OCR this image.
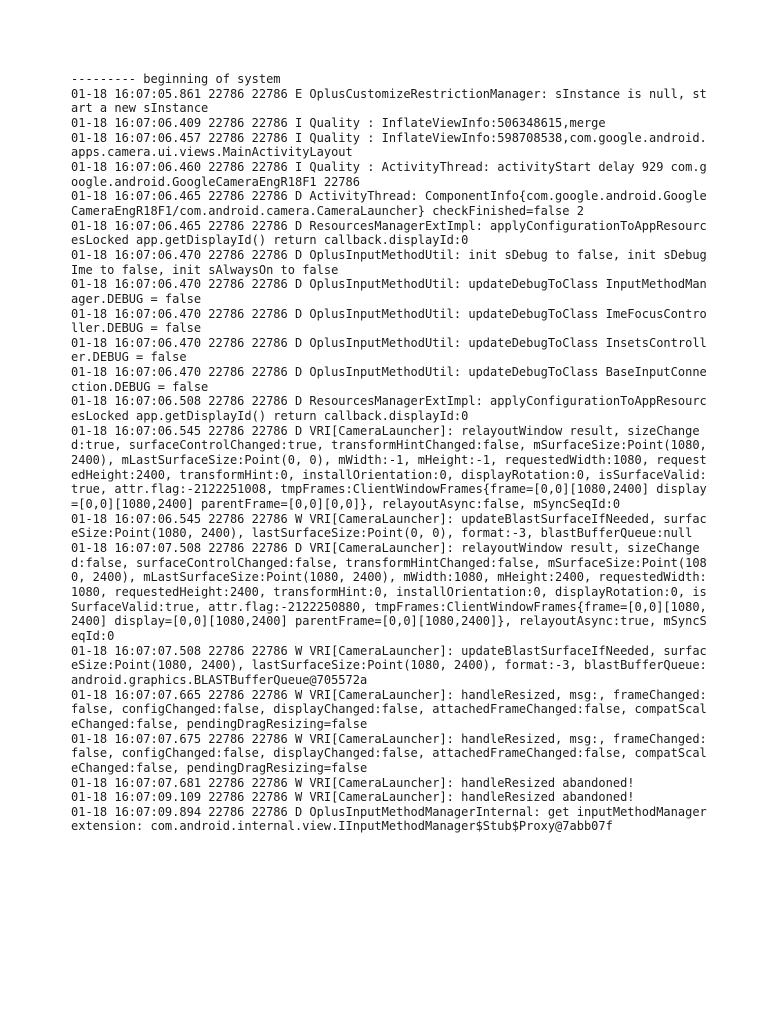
--------- beginning of system

01-18 16:07:05.861 22786 22786 E OplusCustomizeRestrictionManager: sInstance is null, start a new sInstance

01-18 16:07:06.409 22786 22786 I Quality : InflateViewInfo:506348615,merge

01-18 16:07:06.457 22786 22786 I Quality : InflateViewInfo:598708538,com.google.android.apps.camera.ui.views.MainActivityLayout

01-18 16:07:06.460 22786 22786 I Quality : ActivityThread: activityStart delay 929 com.google.android.GoogleCameraEngR18F1 22786

01-18 16:07:06.465 22786 22786 D ActivityThread: ComponentInfo{com.google.android.GoogleCameraEngR18F1/com.android.camera.CameraLauncher} checkFinished=false 2

01-18 16:07:06.465 22786 22786 D ResourcesManagerExtImpl: applyConfigurationToAppResourcesLocked app.getDisplayId() return callback.displayId:0

01-18 16:07:06.470 22786 22786 D OplusInputMethodUtil: init sDebug to false, init sDebugIme to false, init sAlwaysOn to false

01-18 16:07:06.470 22786 22786 D OplusInputMethodUtil: updateDebugToClass InputMethodManager.DEBUG = false

01-18 16:07:06.470 22786 22786 D OplusInputMethodUtil: updateDebugToClass ImeFocusController.DEBUG = false

01-18 16:07:06.470 22786 22786 D OplusInputMethodUtil: updateDebugToClass InsetsController.DEBUG = false

01-18 16:07:06.470 22786 22786 D OplusInputMethodUtil: updateDebugToClass BaseInputConnection.DEBUG = false

01-18 16:07:06.508 22786 22786 D ResourcesManagerExtImpl: applyConfigurationToAppResourcesLocked app.getDisplayId() return callback.displayId:0

01-18 16:07:06.545 22786 22786 D VRI[CameraLauncher]: relayoutWindow result, sizeChanged:true, surfaceControlChanged:true, transformHintChanged:false, mSurfaceSize:Point(1080, 2400), mLastSurfaceSize:Point(0, 0), mWidth:-1, mHeight:-1, requestedWidth:1080, requestedHeight:2400, transformHint:0, installOrientation:0, displayRotation:0, isSurfaceValid:true, attr.flag:-2122251008, tmpFrames:ClientWindowFrames{frame=[0,0][1080,2400] display=[0,0][1080,2400] parentFrame=[0,0][0,0]}, relayoutAsync:false, mSyncSeqId:0

01-18 16:07:06.545 22786 22786 W VRI[CameraLauncher]: updateBlastSurfaceIfNeeded, surfaceSize:Point(1080, 2400), lastSurfaceSize:Point(0, 0), format:-3, blastBufferQueue:null

01-18 16:07:07.508 22786 22786 D VRI[CameraLauncher]: relayoutWindow result, sizeChanged:false, surfaceControlChanged:false, transformHintChanged:false, mSurfaceSize:Point(1080, 2400), mLastSurfaceSize:Point(1080, 2400), mWidth:1080, mHeight:2400, requestedWidth:1080, requestedHeight:2400, transformHint:0, installOrientation:0, displayRotation:0, isSurfaceValid:true, attr.flag:-2122250880, tmpFrames:ClientWindowFrames{frame=[0,0][1080,2400] display=[0,0][1080,2400] parentFrame=[0,0][1080,2400]}, relayoutAsync:true, mSyncSeqId:0

01-18 16:07:07.508 22786 22786 W VRI[CameraLauncher]: updateBlastSurfaceIfNeeded, surfaceSize:Point(1080, 2400), lastSurfaceSize:Point(1080, 2400), format:-3, blastBufferQueue:android.graphics.BLASTBufferQueue@705572a

01-18 16:07:07.665 22786 22786 W VRI[CameraLauncher]: handleResized, msg:, frameChanged:false, configChanged:false, displayChanged:false, attachedFrameChanged:false, compatScaleChanged:false, pendingDragResizing=false

01-18 16:07:07.675 22786 22786 W VRI[CameraLauncher]: handleResized, msg:, frameChanged:false, configChanged:false, displayChanged:false, attachedFrameChanged:false, compatScaleChanged:false, pendingDragResizing=false

01-18 16:07:07.681 22786 22786 W VRI[CameraLauncher]: handleResized abandoned!

01-18 16:07:09.109 22786 22786 W VRI[CameraLauncher]: handleResized abandoned!

01-18 16:07:09.894 22786 22786 D OplusInputMethodManagerInternal: get inputMethodManager extension: com.android.internal.view.IInputMethodManager$Stub$Proxy@7abb07f
